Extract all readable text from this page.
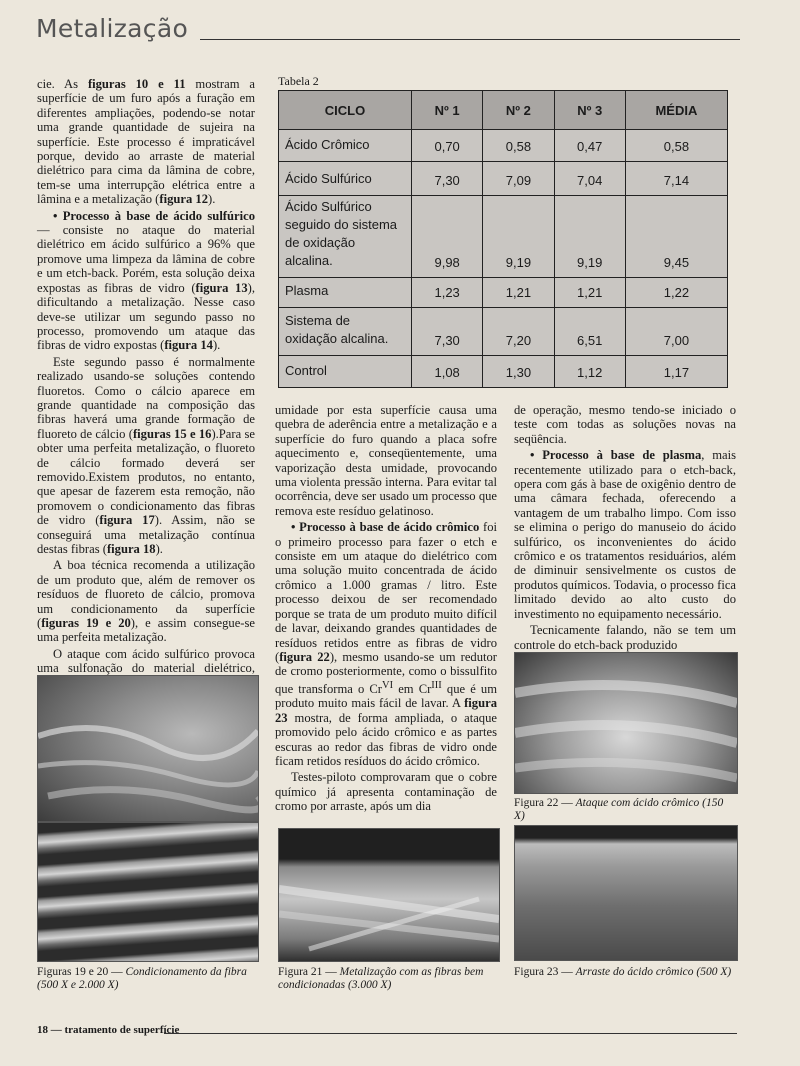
Metalização

cie. As figuras 10 e 11 mostram a superfície de um furo após a furação em diferentes ampliações, podendo-se notar uma grande quantidade de sujeira na superfície. Este processo é impraticável porque, devido ao arraste de material dielétrico para cima da lâmina de cobre, tem-se uma interrupção elétrica entre a lâmina e a metalização (figura 12).

• Processo à base de ácido sulfúrico — consiste no ataque do material dielétrico em ácido sulfúrico a 96% que promove uma limpeza da lâmina de cobre e um etch-back. Porém, esta solução deixa expostas as fibras de vidro (figura 13), dificultando a metalização. Nesse caso deve-se utilizar um segundo passo no processo, promovendo um ataque das fibras de vidro expostas (figura 14).

Este segundo passo é normalmente realizado usando-se soluções contendo fluoretos. Como o cálcio aparece em grande quantidade na composição das fibras haverá uma grande formação de fluoreto de cálcio (figuras 15 e 16).Para se obter uma perfeita metalização, o fluoreto de cálcio formado deverá ser removido.Existem produtos, no entanto, que apesar de fazerem esta remoção, não promovem o condicionamento das fibras de vidro (figura 17). Assim, não se conseguirá uma metalização contínua destas fibras (figura 18).

A boa técnica recomenda a utilização de um produto que, além de remover os resíduos de fluoreto de cálcio, promova um condicionamento da superfície (figuras 19 e 20), e assim consegue-se uma perfeita metalização.

O ataque com ácido sulfúrico provoca uma sulfonação do material dielétrico,

Tabela 2
CICLO	Nº 1	Nº 2	Nº 3	MÉDIA
Ácido Crômico	0,70	0,58	0,47	0,58
Ácido Sulfúrico	7,30	7,09	7,04	7,14
Ácido Sulfúrico seguido do sistema de oxidação alcalina.	9,98	9,19	9,19	9,45
Plasma	1,23	1,21	1,21	1,22
Sistema de oxidação alcalina.	7,30	7,20	6,51	7,00
Control	1,08	1,30	1,12	1,17

umidade por esta superfície causa uma quebra de aderência entre a metalização e a superfície do furo quando a placa sofre aquecimento e, conseqüentemente, uma vaporização desta umidade, provocando uma violenta pressão interna. Para evitar tal ocorrência, deve ser usado um processo que remova este resíduo gelatinoso.

• Processo à base de ácido crômico foi o primeiro processo para fazer o etch e consiste em um ataque do dielétrico com uma solução muito concentrada de ácido crômico a 1.000 gramas / litro. Este processo deixou de ser recomendado porque se trata de um produto muito difícil de lavar, deixando grandes quantidades de resíduos retidos entre as fibras de vidro (figura 22), mesmo usando-se um redutor de cromo posteriormente, como o bissulfito que transforma o $Cr^{VI}$ em $Cr^{III}$ que é um produto muito mais fácil de lavar. A figura 23 mostra, de forma ampliada, o ataque promovido pelo ácido crômico e as partes escuras ao redor das fibras de vidro onde ficam retidos resíduos do ácido crômico.

Testes-piloto comprovaram que o cobre químico já apresenta contaminação de cromo por arraste, após um dia

de operação, mesmo tendo-se iniciado o teste com todas as soluções novas na seqüência.

• Processo à base de plasma, mais recentemente utilizado para o etch-back, opera com gás à base de oxigênio dentro de uma câmara fechada, oferecendo a vantagem de um trabalho limpo. Com isso se elimina o perigo do manuseio do ácido sulfúrico, os inconvenientes do ácido crômico e os tratamentos residuários, além de diminuir sensivelmente os custos de produtos químicos. Todavia, o processo fica limitado devido ao alto custo do investimento no equipamento necessário.

Tecnicamente falando, não se tem um controle do etch-back produzido

Figuras 19 e 20 — Condicionamento da fibra
(500 X e 2.000 X)
Figura 21 — Metalização com as fibras bem condicionadas (3.000 X)
Figura 22 — Ataque com ácido crômico (150 X)
Figura 23 — Arraste do ácido crômico (500 X)
18 — tratamento de superfície
